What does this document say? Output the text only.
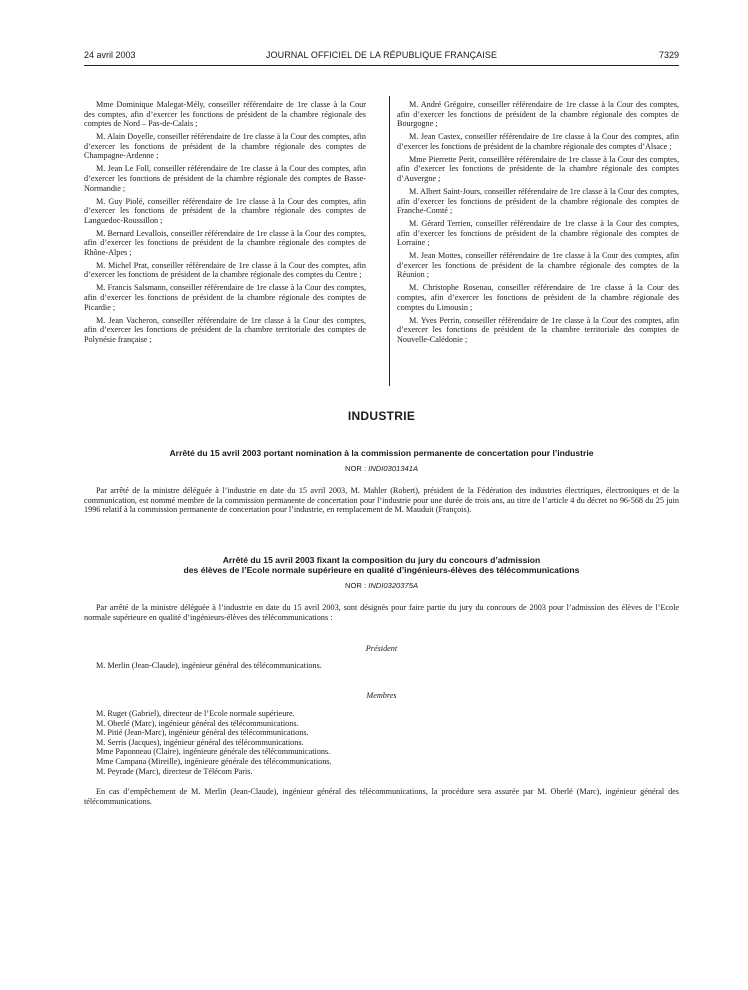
24 avril 2003	JOURNAL OFFICIEL DE LA RÉPUBLIQUE FRANÇAISE	7329

Mme Dominique Malegat-Mély, conseiller référendaire de 1re classe à la Cour des comptes, afin d’exercer les fonctions de président de la chambre régionale des comptes de Nord – Pas-de-Calais ;

M. Alain Doyelle, conseiller référendaire de 1re classe à la Cour des comptes, afin d’exercer les fonctions de président de la chambre régionale des comptes de Champagne-Ardenne ;

M. Jean Le Foll, conseiller référendaire de 1re classe à la Cour des comptes, afin d’exercer les fonctions de président de la chambre régionale des comptes de Basse-Normandie ;

M. Guy Piolé, conseiller référendaire de 1re classe à la Cour des comptes, afin d’exercer les fonctions de président de la chambre régionale des comptes de Languedoc-Roussillon ;

M. Bernard Levallois, conseiller référendaire de 1re classe à la Cour des comptes, afin d’exercer les fonctions de président de la chambre régionale des comptes de Rhône-Alpes ;

M. Michel Prat, conseiller référendaire de 1re classe à la Cour des comptes, afin d’exercer les fonctions de président de la chambre régionale des comptes du Centre ;

M. Francis Salsmann, conseiller référendaire de 1re classe à la Cour des comptes, afin d’exercer les fonctions de président de la chambre régionale des comptes de Picardie ;

M. Jean Vacheron, conseiller référendaire de 1re classe à la Cour des comptes, afin d’exercer les fonctions de président de la chambre territoriale des comptes de Polynésie française ;

M. André Grégoire, conseiller référendaire de 1re classe à la Cour des comptes, afin d’exercer les fonctions de président de la chambre régionale des comptes de Bourgogne ;

M. Jean Castex, conseiller référendaire de 1re classe à la Cour des comptes, afin d’exercer les fonctions de président de la chambre régionale des comptes d’Alsace ;

Mme Pierrette Perit, conseillère référendaire de 1re classe à la Cour des comptes, afin d’exercer les fonctions de présidente de la chambre régionale des comptes d’Auvergne ;

M. Albert Saint-Jours, conseiller référendaire de 1re classe à la Cour des comptes, afin d’exercer les fonctions de président de la chambre régionale des comptes de Franche-Comté ;

M. Gérard Terrien, conseiller référendaire de 1re classe à la Cour des comptes, afin d’exercer les fonctions de président de la chambre régionale des comptes de Lorraine ;

M. Jean Mottes, conseiller référendaire de 1re classe à la Cour des comptes, afin d’exercer les fonctions de président de la chambre régionale des comptes de la Réunion ;

M. Christophe Rosenau, conseiller référendaire de 1re classe à la Cour des comptes, afin d’exercer les fonctions de président de la chambre régionale des comptes du Limousin ;

M. Yves Perrin, conseiller référendaire de 1re classe à la Cour des comptes, afin d’exercer les fonctions de président de la chambre territoriale des comptes de Nouvelle-Calédonie ;

INDUSTRIE
Arrêté du 15 avril 2003 portant nomination à la commission permanente de concertation pour l’industrie
NOR : INDI0301341A

Par arrêté de la ministre déléguée à l’industrie en date du 15 avril 2003, M. Mahler (Robert), président de la Fédération des industries électriques, électroniques et de la communication, est nommé membre de la commission permanente de concertation pour l’industrie pour une durée de trois ans, au titre de l’article 4 du décret no 96-568 du 25 juin 1996 relatif à la commission permanente de concertation pour l’industrie, en remplacement de M. Mauduit (François).

Arrêté du 15 avril 2003 fixant la composition du jury du concours d’admission
des élèves de l’Ecole normale supérieure en qualité d’ingénieurs-élèves des télécommunications
NOR : INDI0320375A

Par arrêté de la ministre déléguée à l’industrie en date du 15 avril 2003, sont désignés pour faire partie du jury du concours de 2003 pour l’admission des élèves de l’Ecole normale supérieure en qualité d’ingénieurs-élèves des télécommunications :

Président
M. Merlin (Jean-Claude), ingénieur général des télécommunications.
Membres
M. Ruget (Gabriel), directeur de l’Ecole normale supérieure.
M. Oberlé (Marc), ingénieur général des télécommunications.
M. Pitié (Jean-Marc), ingénieur général des télécommunications.
M. Serris (Jacques), ingénieur général des télécommunications.
Mme Paponneau (Claire), ingénieure générale des télécommunications.
Mme Campana (Mireille), ingénieure générale des télécommunications.
M. Peyrade (Marc), directeur de Télécom Paris.

En cas d’empêchement de M. Merlin (Jean-Claude), ingénieur général des télécommunications, la procédure sera assurée par M. Oberlé (Marc), ingénieur général des télécommunications.
